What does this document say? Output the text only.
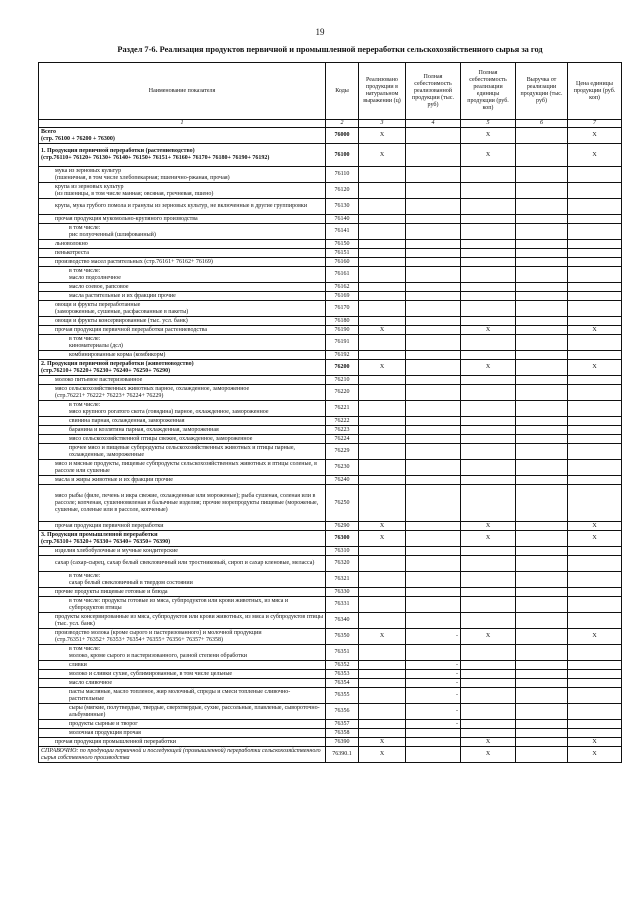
19
Раздел 7-6. Реализация продуктов первичной и промышленной переработки сельскохозяйственного сырья за год
Наименование показателя	Коды	Реализовано продукции в натуральном выражении (ц)	Полная себестоимость реализованной продукции (тыс. руб)	Полная себестоимость реализации единицы продукции (руб. коп)	Выручка от реализации продукции (тыс. руб)	Цена единицы продукции (руб. коп)
1	2	3	4	5	6	7
Всего
(стр. 76100 + 76200 + 76300)	76000	X		X		X
1. Продукция первичной переработки (растениеводство)
(стр.76110+ 76120+ 76130+ 76140+ 76150+ 76151+ 76160+ 76170+ 76180+ 76190+ 76192)	76100	X		X		X
мука из зерновых культур
(пшеничная, в том числе хлебопекарная; пшенично-ржаная, прочая)	76110					
крупа из зерновых культур
(из пшеницы, в том числе манная; овсяная, гречневая, пшено)	76120					
крупа, мука грубого помола и гранулы из зерновых культур, не включенные в другие группировки	76130					
прочая продукция мукомольно-крупяного производства	76140					
в том числе:
рис полуоченный (шлифованный)	76141					
льноволокно	76150					
пенькотреста	76151					
производство масел растительных (стр.76161+ 76162+ 76169)	76160					
в том числе:
масло подсолнечное	76161					
масло соевое, рапсовое	76162					
масла растительные и их фракции прочие	76169					
овощи и фрукты переработанные
(замороженные, сушеные, расфасованные в пакеты)	76170					
овощи и фрукты консервированные (тыс. усл. банк)	76180					
прочая продукция первичной переработки растениеводства	76190	X		X		X
в том числе:
киноматериалы (дсл)	76191					
комбинированные корма (комбикорм)	76192					
2. Продукция первичной переработки (животноводство)
(стр.76210+ 76220+ 76230+ 76240+ 76250+ 76290)	76200	X		X		X
молоко питьевое пастеризованное	76210					
мясо сельскохозяйственных животных парное, охлажденное, замороженное
(стр.76221+ 76222+ 76223+ 76224+ 76229)	76220					
в том числе:
мясо крупного рогатого скота (говядина) парное, охлажденное, замороженное	76221					
свинина парная, охлажденная, замороженная	76222					
баранина и козлятина парная, охлажденная, замороженная	76223					
мясо сельскохозяйственной птицы свежее, охлажденное, замороженное	76224					
прочее мясо и пищевые субпродукты сельскохозяйственных животных и птицы парные, охлажденные, замороженные	76229					
мясо и мясные продукты, пищевые субпродукты сельскохозяйственных животных и птицы соленые, в рассоле или сушеные	76230					
масла и жиры животные и их фракции прочие	76240					
мясо рыбы (филе, печень и икра свежие, охлажденные или мороженые); рыба сушеная, соленая или в рассоле; копченая, сушенновяленая и балычные изделия; прочие морепродукты пищевые (мороженые, сушеные, соленые или в рассоле, копченые)	76250					
прочая продукция первичной переработки	76290	X		X		X
3. Продукция промышленной переработки
(стр.76310+ 76320+ 76330+ 76340+ 76350+ 76390)	76300	X		X		X
изделия хлебобулочные и мучные кондитерские	76310					
сахар (сахар-сырец, сахар белый свекловичный или тростниковый, сироп и сахар кленовые, меласса)	76320					
в том числе:
сахар белый свекловичный в твердом состоянии	76321					
прочие продукты пищевые готовые и блюда	76330					
в том числе: продукты готовые из мяса, субпродуктов или крови животных, из мяса и субпродуктов птицы	76331					
продукты консервированные из мяса, субпродуктов или крови животных, из мяса и субпродуктов птицы (тыс. усл. банк)	76340					
производство молока (кроме сырого и пастеризованного) и молочной продукции
(стр.76351+ 76352+ 76353+ 76354+ 76355+ 76356+ 76357+ 76358)	76350	X	-	X		X
в том числе:
молоко, кроме сырого и пастеризованного, разной степени обработки	76351					
сливки	76352		-			
молоко и сливки сухие, сублимированные, в том числе цельные	76353		-			
масло сливочное	76354		-			
пасты масляные, масло топленое, жир молочный, спреды и смеси топленые сливочно-растительные	76355		-			
сыры (мягкие, полутвердые, твердые, сверхтвердые, сухие, рассольные, плавленые, сывороточно-альбуминные)	76356		-			
продукты сырные и творог	76357		-			
молочная продукция прочая	76358					
прочая продукция промышленной переработки	76390	X		X		X
СПРАВОЧНО: по продукции первичной и последующей (промышленной) переработки сельскохозяйственного сырья собственного производства	76390.1	X		X		X
